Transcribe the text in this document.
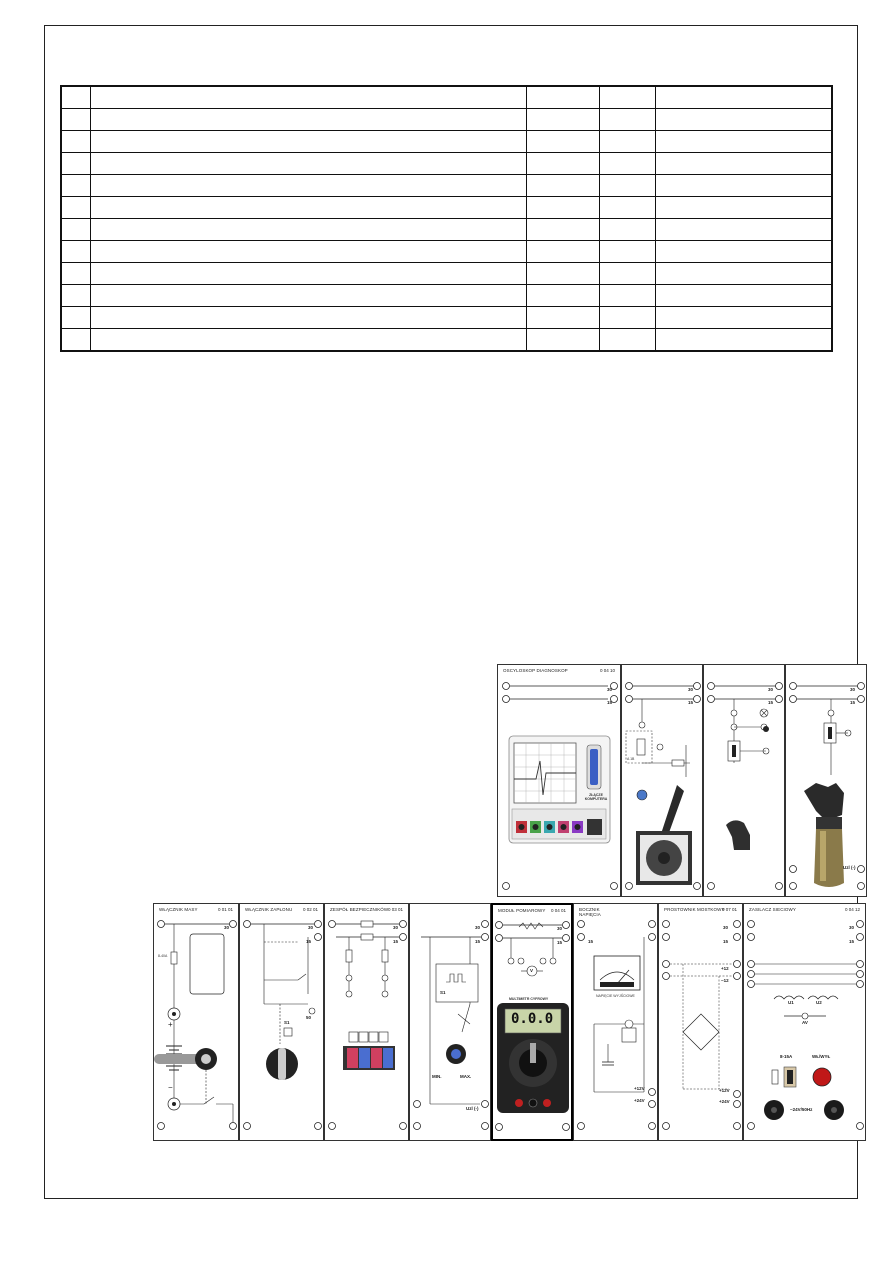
OSCYLOSKOP DIAGNOSKOP	0 04 10
30
15
ZŁĄCZE KOMPUTERA
30
15
A 1B
30
15
30
15
Uzl (-)
WŁĄCZNIK MASY	0 01 01
+
−
30
8-40A
WŁĄCZNIK ZAPŁONU 0 02 01
30
15
S1
50
ZESPÓŁ BEZPIECZNIKÓW 0 03 01
30
15
30
15
S1
MIN.	MAX.
Uzl (-)
MODUŁ POMIAROWY 0 04 01
30
15
V
MULTIMETR CYFROWY
0.0.0
BOCZNIK NAPIĘCIA
15
NAPIĘCIE WYJŚCIOWE
+12V
+24V
PROSTOWNIK MOSTKOWY
0 07 01
30
15
+12
~12
+12V
+24V
ZASILACZ SIECIOWY	0 04 12
30
15
U1	U2
AV
8-15A	WŁ/WYŁ
~24V/50Hz
